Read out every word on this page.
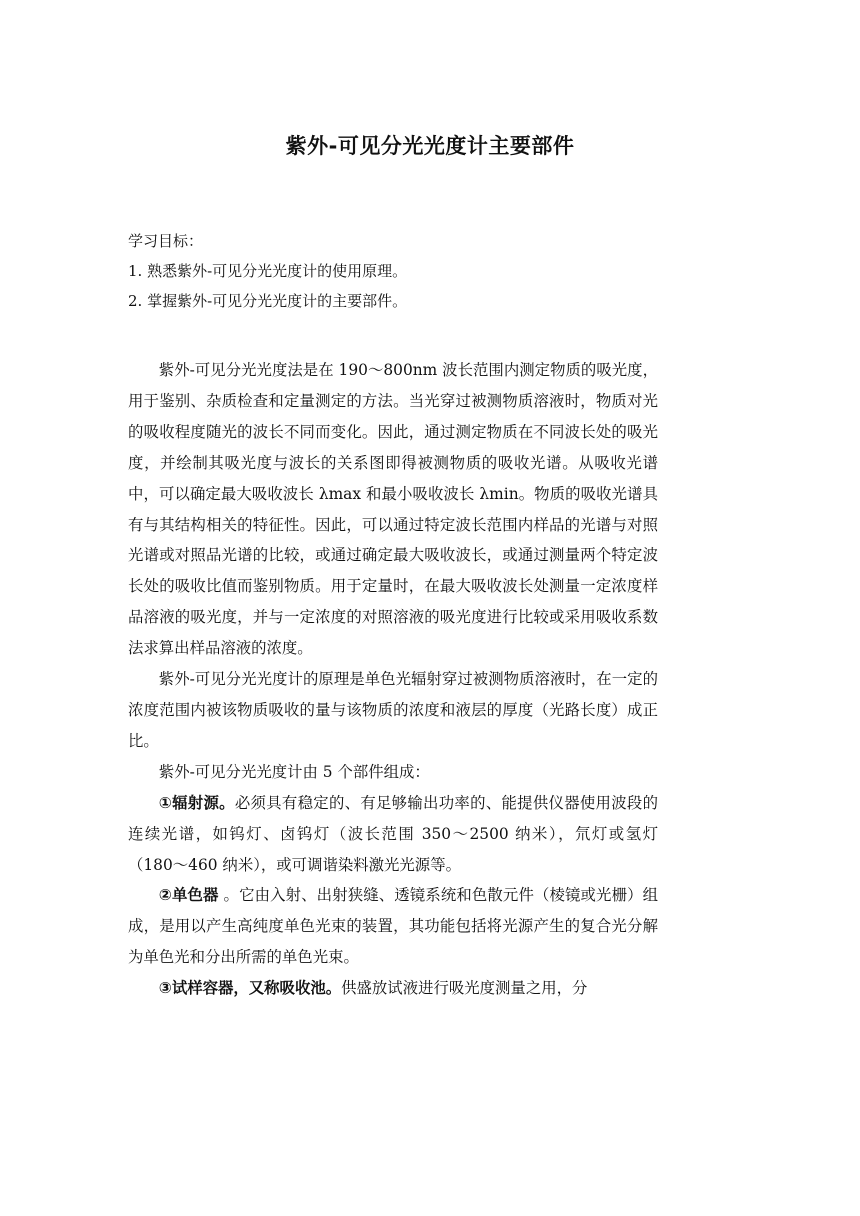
紫外-可见分光光度计主要部件
学习目标：
1. 熟悉紫外-可见分光光度计的使用原理。
2. 掌握紫外-可见分光光度计的主要部件。

紫外-可见分光光度法是在 190～800nm 波长范围内测定物质的吸光度，用于鉴别、杂质检查和定量测定的方法。当光穿过被测物质溶液时，物质对光的吸收程度随光的波长不同而变化。因此，通过测定物质在不同波长处的吸光度，并绘制其吸光度与波长的关系图即得被测物质的吸收光谱。从吸收光谱中，可以确定最大吸收波长 λmax 和最小吸收波长 λmin。物质的吸收光谱具有与其结构相关的特征性。因此，可以通过特定波长范围内样品的光谱与对照光谱或对照品光谱的比较，或通过确定最大吸收波长，或通过测量两个特定波长处的吸收比值而鉴别物质。用于定量时，在最大吸收波长处测量一定浓度样品溶液的吸光度，并与一定浓度的对照溶液的吸光度进行比较或采用吸收系数法求算出样品溶液的浓度。

紫外-可见分光光度计的原理是单色光辐射穿过被测物质溶液时，在一定的浓度范围内被该物质吸收的量与该物质的浓度和液层的厚度（光路长度）成正比。

紫外-可见分光光度计由 5 个部件组成：

①辐射源。必须具有稳定的、有足够输出功率的、能提供仪器使用波段的连续光谱，如钨灯、卤钨灯（波长范围 350～2500 纳米），氘灯或氢灯（180～460 纳米），或可调谐染料激光光源等。

②单色器 。它由入射、出射狭缝、透镜系统和色散元件（棱镜或光栅）组成，是用以产生高纯度单色光束的装置，其功能包括将光源产生的复合光分解为单色光和分出所需的单色光束。

③试样容器，又称吸收池。供盛放试液进行吸光度测量之用，分
